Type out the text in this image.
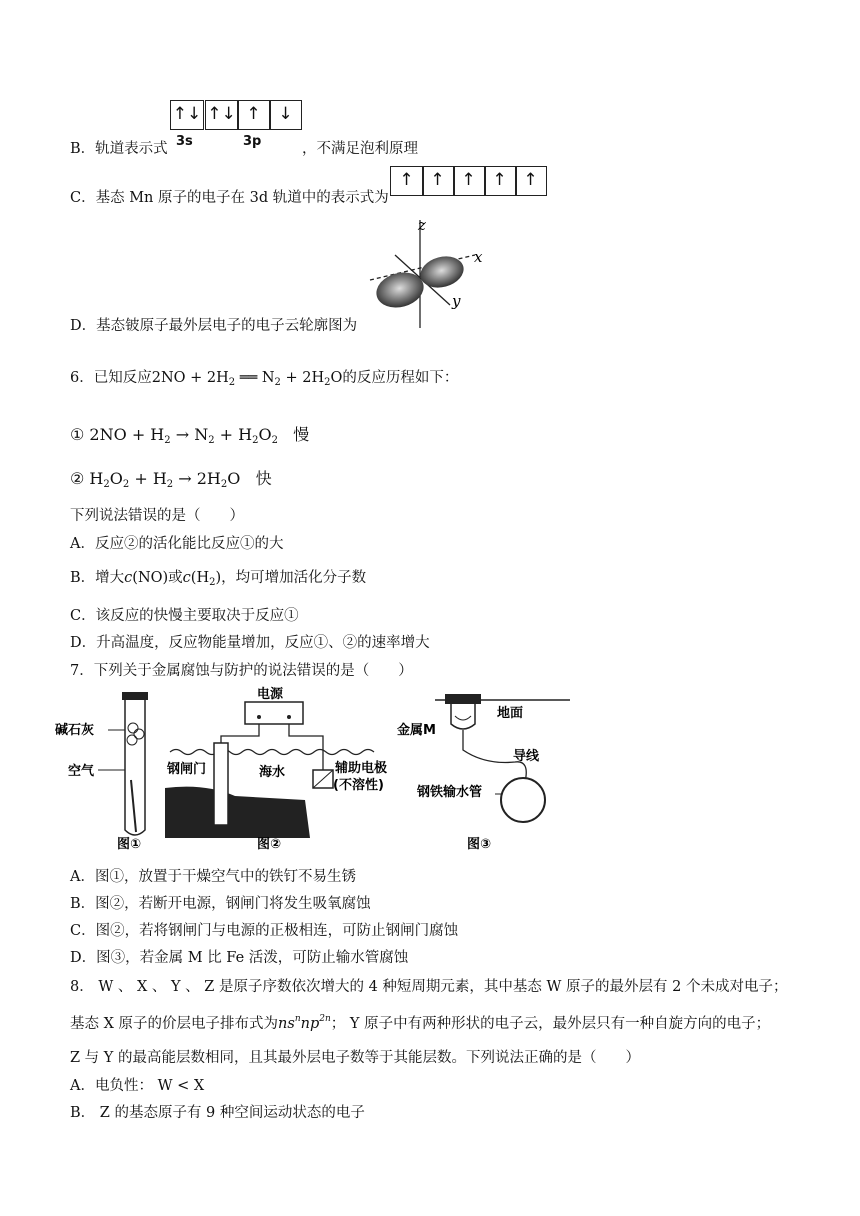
↑↓ ↑↓ ↑	↓
3s	3p
B．轨道表示式	，不满足泡利原理
C．基态 Mn 原子的电子在 3d 轨道中的表示式为
↑ ↑ ↑ ↑ ↑
D．基态铍原子最外层电子的电子云轮廓图为
z
x
y
6．已知反应$2NO + 2H_2$ ══ $N_2 + 2H_2O$的反应历程如下：
① $2NO + H_2 \to N_2 + H_2O_2$ 慢
② $H_2O_2 + H_2 \to 2H_2O$   快
下列说法错误的是（　　）
A．反应②的活化能比反应①的大
B．增大c(NO)或$c(H_2)$，均可增加活化分子数
C．该反应的快慢主要取决于反应①
D．升高温度，反应物能量增加，反应①、②的速率增大
7．下列关于金属腐蚀与防护的说法错误的是（　　）
碱石灰
空气
图①
电源
钢闸门	海水	辅助电极
(不溶性)
图②
地面
金属M
导线
钢铁输水管
图③
A．图①，放置于干燥空气中的铁钉不易生锈
B．图②，若断开电源，钢闸门将发生吸氧腐蚀
C．图②，若将钢闸门与电源的正极相连，可防止钢闸门腐蚀
D．图③，若金属 M 比 Fe 活泼，可防止输水管腐蚀
8． W 、 X 、 Y 、 Z 是原子序数依次增大的 4 种短周期元素，其中基态 W 原子的最外层有 2 个未成对电子；
基态 X 原子的价层电子排布式为$ns^nnp^{2n}$； Y 原子中有两种形状的电子云，最外层只有一种自旋方向的电子；
Z 与 Y 的最高能层数相同，且其最外层电子数等于其能层数。下列说法正确的是（　　）
A．电负性： W < X
B． Z 的基态原子有 9 种空间运动状态的电子
